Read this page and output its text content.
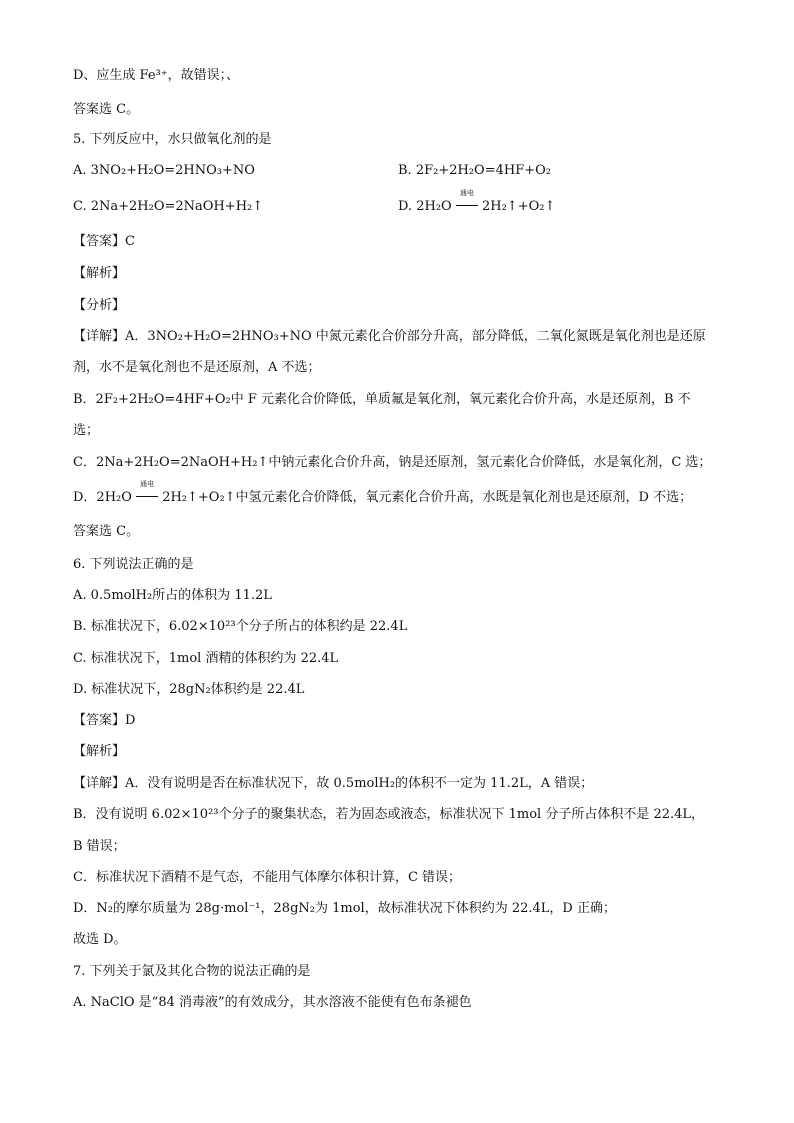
D、应生成 Fe³⁺，故错误；、
答案选 C。
5. 下列反应中，水只做氧化剂的是
A. 3NO₂+H₂O=2HNO₃+NO	B. 2F₂+2H₂O=4HF+O₂
C. 2Na+2H₂O=2NaOH+H₂↑	D. 2H₂O
通电
2H₂↑+O₂↑
【答案】C
【解析】
【分析】
【详解】A．3NO₂+H₂O=2HNO₃+NO 中氮元素化合价部分升高，部分降低，二氧化氮既是氧化剂也是还原
剂，水不是氧化剂也不是还原剂，A 不选；
B．2F₂+2H₂O=4HF+O₂中 F 元素化合价降低，单质氟是氧化剂，氧元素化合价升高，水是还原剂，B 不
选；
C．2Na+2H₂O=2NaOH+H₂↑中钠元素化合价升高，钠是还原剂，氢元素化合价降低，水是氧化剂，C 选；
D．2H₂O
通电
2H₂↑+O₂↑中氢元素化合价降低，氧元素化合价升高，水既是氧化剂也是还原剂，D 不选；
答案选 C。
6. 下列说法正确的是
A. 0.5molH₂所占的体积为 11.2L
B. 标准状况下，6.02×10²³个分子所占的体积约是 22.4L
C. 标准状况下，1mol 酒精的体积约为 22.4L
D. 标准状况下，28gN₂体积约是 22.4L
【答案】D
【解析】
【详解】A．没有说明是否在标准状况下，故 0.5molH₂的体积不一定为 11.2L，A 错误；
B．没有说明 6.02×10²³个分子的聚集状态，若为固态或液态，标准状况下 1mol 分子所占体积不是 22.4L，
B 错误；
C．标准状况下酒精不是气态，不能用气体摩尔体积计算，C 错误；
D．N₂的摩尔质量为 28g·mol⁻¹，28gN₂为 1mol，故标准状况下体积约为 22.4L，D 正确；
故选 D。
7. 下列关于氯及其化合物的说法正确的是
A. NaClO 是“84 消毒液”的有效成分，其水溶液不能使有色布条褪色
